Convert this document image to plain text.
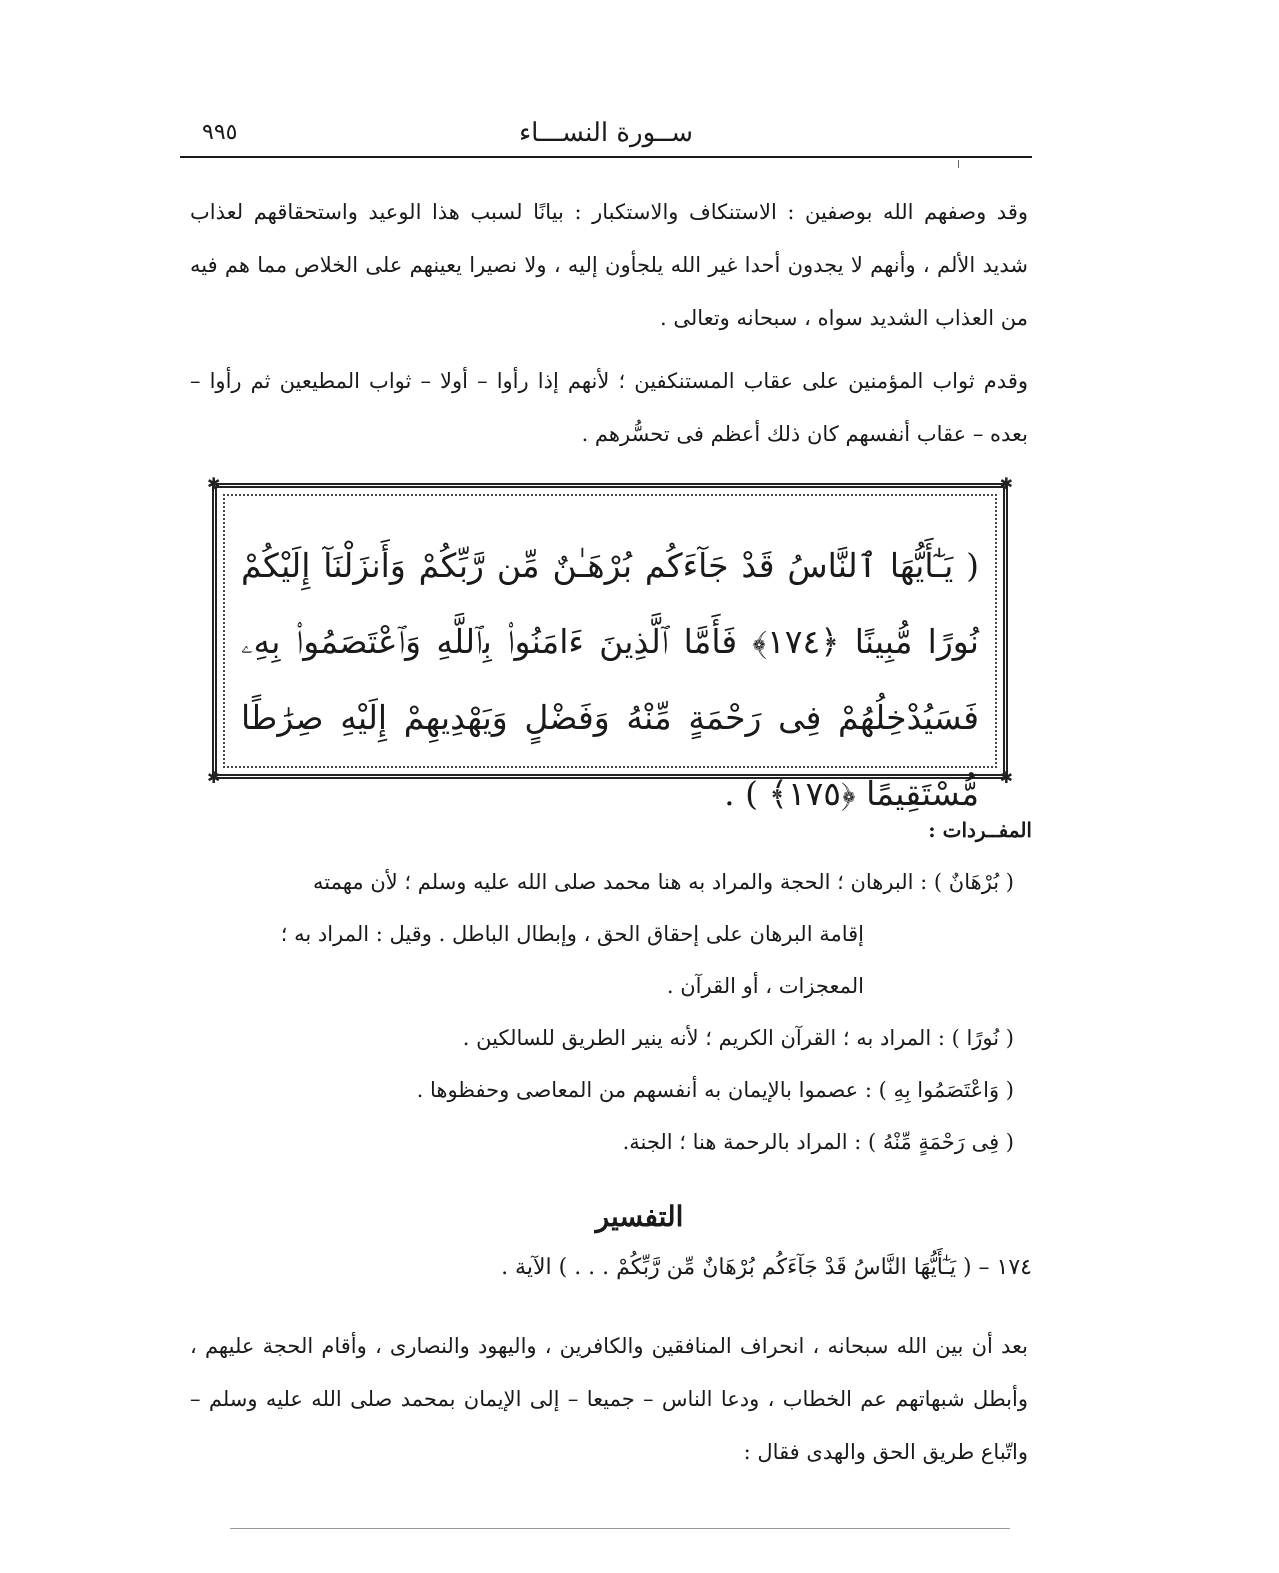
٩٩٥	ســورة النســـاء

وقد وصفهم الله بوصفين : الاستنكاف والاستكبار : بيانًا لسبب هذا الوعيد واستحقاقهم لعذاب شديد الألم ، وأنهم لا يجدون أحدا غير الله يلجأون إليه ، ولا نصيرا يعينهم على الخلاص مما هم فيه من العذاب الشديد سواه ، سبحانه وتعالى .

وقدم ثواب المؤمنين على عقاب المستنكفين ؛ لأنهم إذا رأوا – أولا – ثواب المطيعين ثم رأوا – بعده – عقاب أنفسهم كان ذلك أعظم فى تحسُّرهم .

✱	✱
✱	✱

( يَـٰٓأَيُّهَا ٱلنَّاسُ قَدْ جَآءَكُم بُرْهَـٰنٌ مِّن رَّبِّكُمْ وَأَنزَلْنَآ إِلَيْكُمْ نُورًا مُّبِينًا ﴿١٧٤﴾ فَأَمَّا ٱلَّذِينَ ءَامَنُوا۟ بِٱللَّهِ وَٱعْتَصَمُوا۟ بِهِۦ فَسَيُدْخِلُهُمْ فِى رَحْمَةٍ مِّنْهُ وَفَضْلٍ وَيَهْدِيهِمْ إِلَيْهِ صِرَٰطًا مُّسْتَقِيمًا ﴿١٧٥﴾ ) .

المفــردات :

( بُرْهَانٌ ) : البرهان ؛ الحجة والمراد به هنا محمد صلى الله عليه وسلم ؛ لأن مهمته
إقامة البرهان على إحقاق الحق ، وإبطال الباطل . وقيل : المراد به ؛
المعجزات ، أو القرآن .
( نُورًا ) : المراد به ؛ القرآن الكريم ؛ لأنه ينير الطريق للسالكين .
( وَاعْتَصَمُوا بِهِ ) : عصموا بالإيمان به أنفسهم من المعاصى وحفظوها .
( فِى رَحْمَةٍ مِّنْهُ ) : المراد بالرحمة هنا ؛ الجنة.
التفسير

١٧٤ – ( يَـٰٓأَيُّهَا النَّاسُ قَدْ جَآءَكُم بُرْهَانٌ مِّن رَّبِّكُمْ . . . ) الآية .

بعد أن بين الله سبحانه ، انحراف المنافقين والكافرين ، واليهود والنصارى ، وأقام الحجة عليهم ، وأبطل شبهاتهم عم الخطاب ، ودعا الناس – جميعا – إلى الإيمان بمحمد صلى الله عليه وسلم – واتّباع طريق الحق والهدى فقال :
